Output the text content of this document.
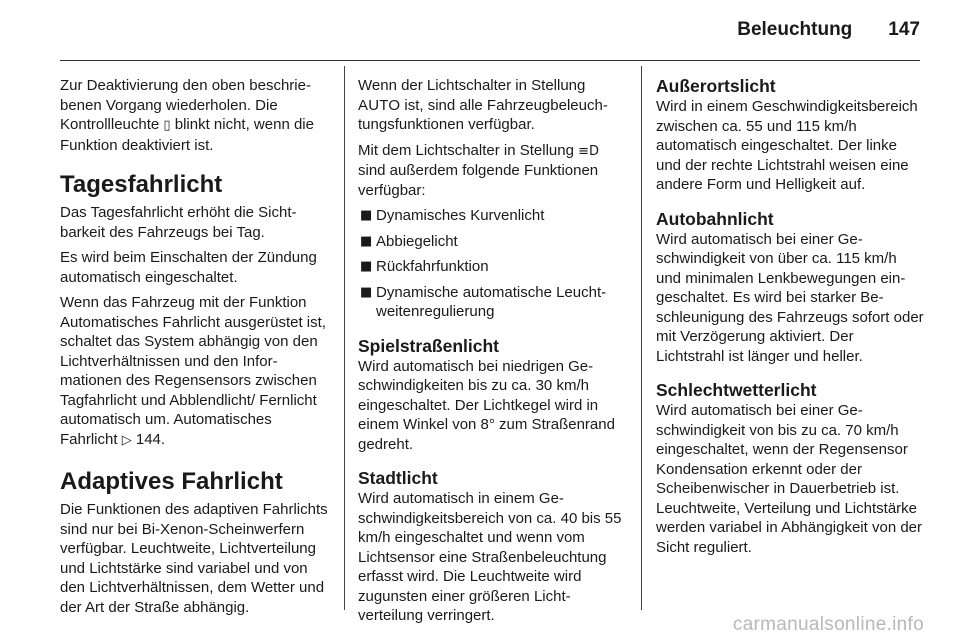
Beleuchtung 147

Zur Deaktivierung den oben beschriebenen Vorgang wiederholen. Die Kontrollleuchte ▯ blinkt nicht, wenn die Funktion deaktiviert ist.

Tagesfahrlicht

Das Tagesfahrlicht erhöht die Sichtbarkeit des Fahrzeugs bei Tag.

Es wird beim Einschalten der Zündung automatisch eingeschaltet.

Wenn das Fahrzeug mit der Funktion Automatisches Fahrlicht ausgerüstet ist, schaltet das System abhängig von den Lichtverhältnissen und den Informationen des Regensensors zwischen Tagfahrlicht und Abblendlicht/ Fernlicht automatisch um. Automatisches Fahrlicht ▷ 144.

Adaptives Fahrlicht

Die Funktionen des adaptiven Fahrlichts sind nur bei Bi-Xenon-Scheinwerfern verfügbar. Leuchtweite, Lichtverteilung und Lichtstärke sind variabel und von den Lichtverhältnissen, dem Wetter und der Art der Straße abhängig.

Wenn der Lichtschalter in Stellung AUTO ist, sind alle Fahrzeugbeleuchtungsfunktionen verfügbar.

Mit dem Lichtschalter in Stellung ≡D sind außerdem folgende Funktionen verfügbar:

■ Dynamisches Kurvenlicht
■ Abbiegelicht
■ Rückfahrfunktion
■ Dynamische automatische Leuchtweitenregulierung
Spielstraßenlicht

Wird automatisch bei niedrigen Geschwindigkeiten bis zu ca. 30 km/h eingeschaltet. Der Lichtkegel wird in einem Winkel von 8° zum Straßenrand gedreht.

Stadtlicht

Wird automatisch in einem Geschwindigkeitsbereich von ca. 40 bis 55 km/h eingeschaltet und wenn vom Lichtsensor eine Straßenbeleuchtung erfasst wird. Die Leuchtweite wird zugunsten einer größeren Lichtverteilung verringert.

Außerortslicht

Wird in einem Geschwindigkeitsbereich zwischen ca. 55 und 115 km/h automatisch eingeschaltet. Der linke und der rechte Lichtstrahl weisen eine andere Form und Helligkeit auf.

Autobahnlicht

Wird automatisch bei einer Geschwindigkeit von über ca. 115 km/h und minimalen Lenkbewegungen eingeschaltet. Es wird bei starker Beschleunigung des Fahrzeugs sofort oder mit Verzögerung aktiviert. Der Lichtstrahl ist länger und heller.

Schlechtwetterlicht

Wird automatisch bei einer Geschwindigkeit von bis zu ca. 70 km/h eingeschaltet, wenn der Regensensor Kondensation erkennt oder der Scheibenwischer in Dauerbetrieb ist. Leuchtweite, Verteilung und Lichtstärke werden variabel in Abhängigkeit von der Sicht reguliert.

carmanualsonline.info
